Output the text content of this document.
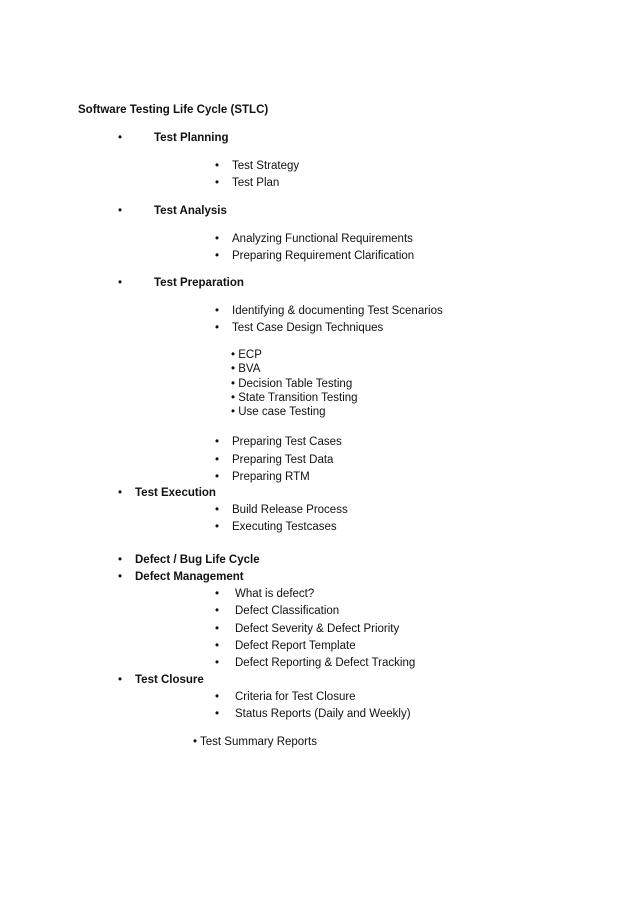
Software Testing Life Cycle (STLC)
•	Test Planning
• Test Strategy
• Test Plan
•	Test Analysis
• Analyzing Functional Requirements
• Preparing Requirement Clarification
•	Test Preparation
• Identifying & documenting Test Scenarios
• Test Case Design Techniques
• ECP
• BVA
• Decision Table Testing
• State Transition Testing
• Use case Testing
• Preparing Test Cases
• Preparing Test Data
• Preparing RTM
• Test Execution
• Build Release Process
• Executing Testcases
• Defect / Bug Life Cycle
• Defect Management
• What is defect?
• Defect Classification
• Defect Severity & Defect Priority
• Defect Report Template
• Defect Reporting & Defect Tracking
• Test Closure
• Criteria for Test Closure
• Status Reports (Daily and Weekly)
• Test Summary Reports
